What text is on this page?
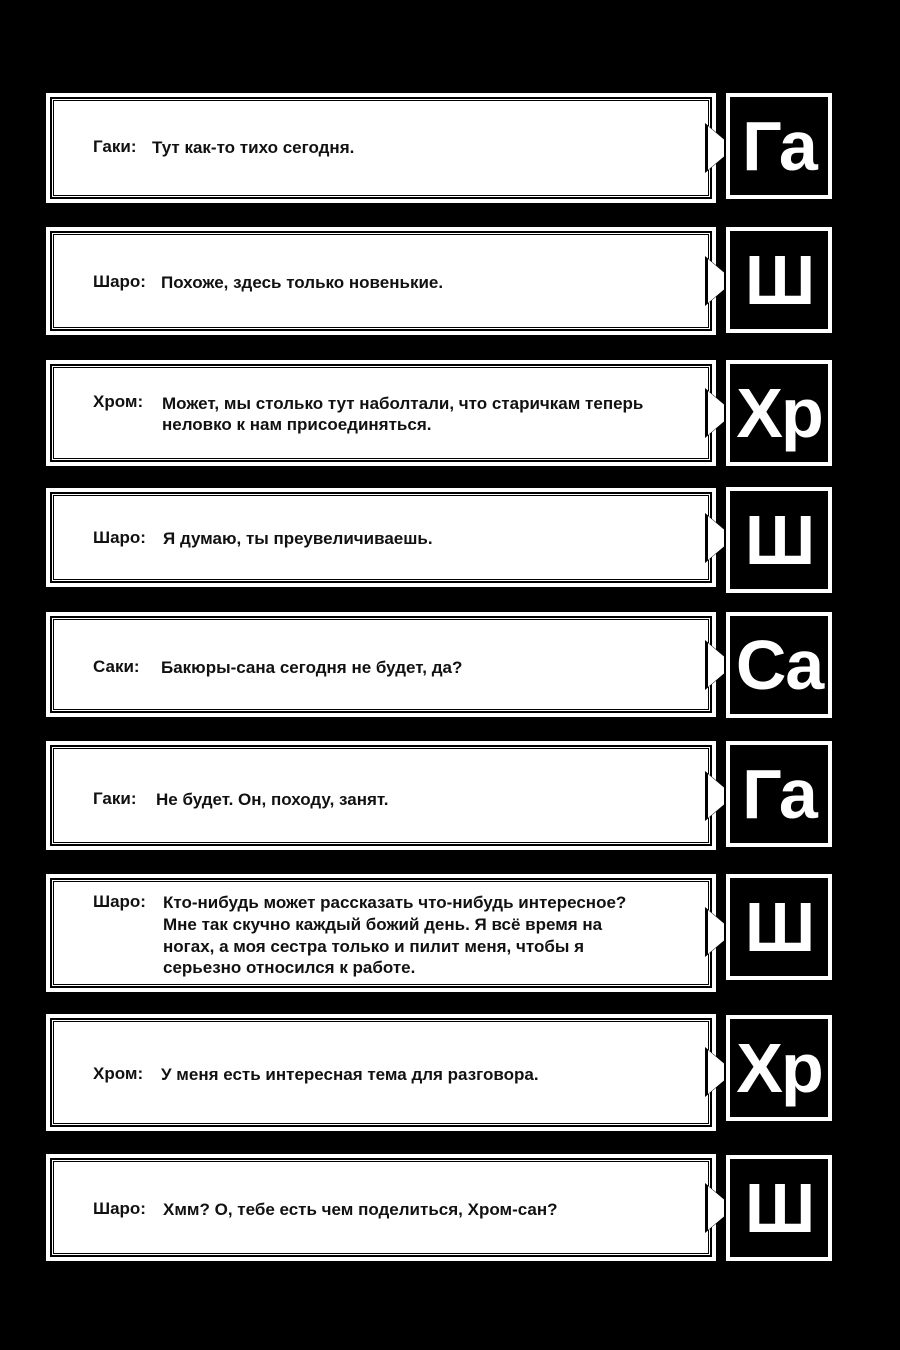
Гаки: Тут как-то тихо сегодня.	Га
Шаро: Похоже, здесь только новенькие.	Ш
Хром: Может, мы столько тут наболтали, что старичкам теперь
неловко к нам присоединяться.	Хр
Шаро: Я думаю, ты преувеличиваешь.	Ш
Саки: Бакюры-сана сегодня не будет, да?	Са
Гаки: Не будет. Он, походу, занят.	Га
Шаро: Кто-нибудь может рассказать что-нибудь интересное?
Мне так скучно каждый божий день. Я всё время на
ногах, а моя сестра только и пилит меня, чтобы я
серьезно относился к работе.
Ш
Хром: У меня есть интересная тема для разговора.	Хр
Шаро: Хмм? О, тебе есть чем поделиться, Хром-сан?	Ш
